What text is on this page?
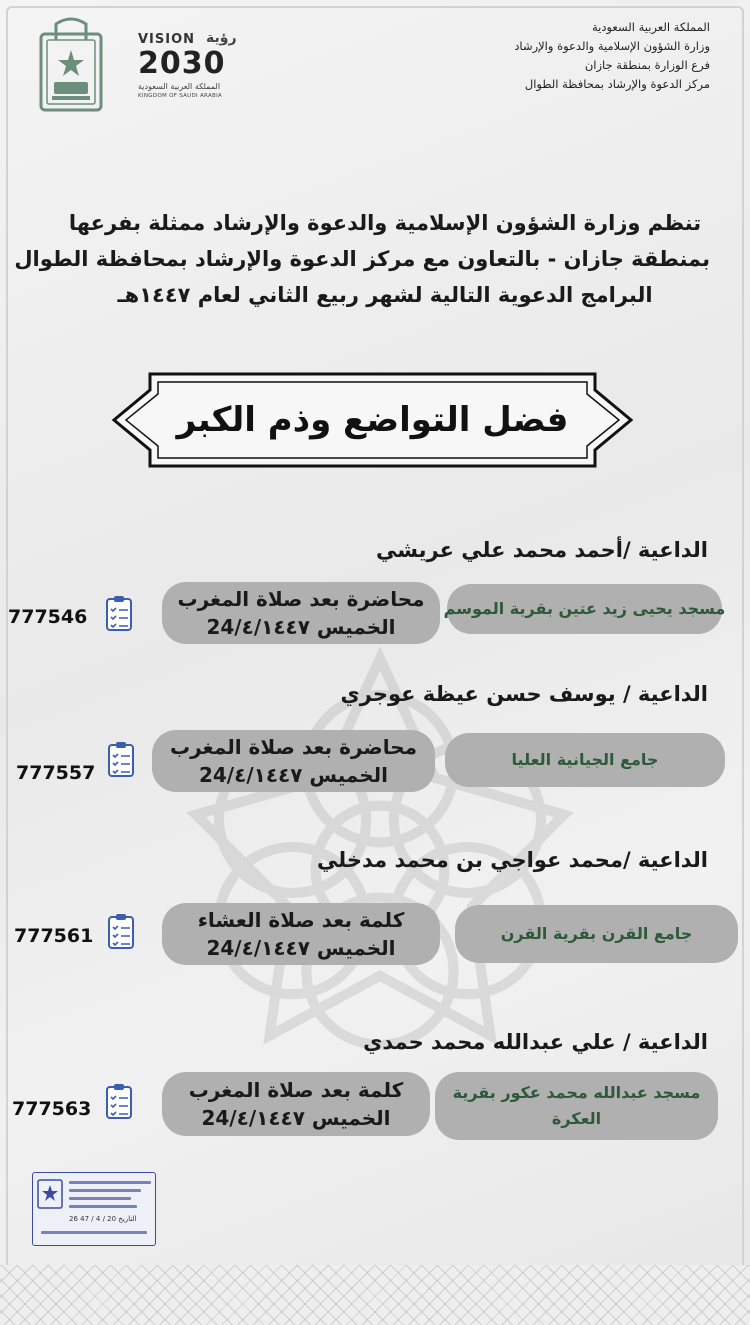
VISION رؤية
2030
المملكة العربية السعودية
KINGDOM OF SAUDI ARABIA
المملكة العربية السعودية
وزارة الشؤون الإسلامية والدعوة والإرشاد
فرع الوزارة بمنطقة جازان
مركز الدعوة والإرشاد بمحافظة الطوال
تنظم وزارة الشؤون الإسلامية والدعوة والإرشاد ممثلة بفرعها
بمنطقة جازان - بالتعاون مع مركز الدعوة والإرشاد بمحافظة الطوال
البرامج الدعوية التالية لشهر ربيع الثاني لعام ١٤٤٧هـ
فضل التواضع وذم الكبر
الداعية /أحمد محمد علي عريشي
مسجد يحيى زيد عتين بقرية الموسم
محاضرة بعد صلاة المغرب
الخميس 24/٤/١٤٤٧
777546
الداعية / يوسف حسن عيظة عوجري
جامع الجيانية العليا
محاضرة بعد صلاة المغرب
الخميس 24/٤/١٤٤٧
777557
الداعية /محمد عواجي بن محمد مدخلي
جامع القرن بقرية القرن
كلمة بعد صلاة العشاء
الخميس 24/٤/١٤٤٧
777561
الداعية / علي عبدالله محمد حمدي
مسجد عبدالله محمد عكور بقرية
العكرة
كلمة بعد صلاة المغرب
الخميس 24/٤/١٤٤٧
777563
26 التاريخ 20 / 4 / 47
